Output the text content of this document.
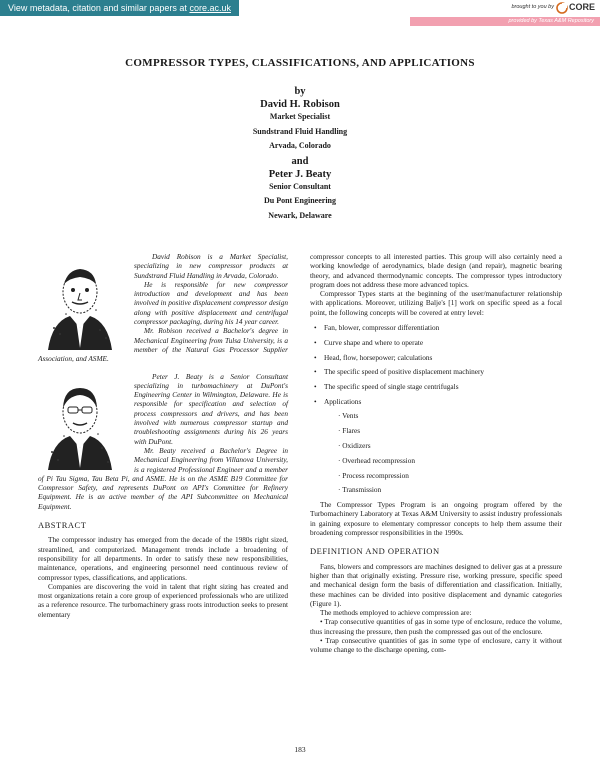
View metadata, citation and similar papers at core.ac.uk	brought to you by CORE
provided by Texas A&M Repository
COMPRESSOR TYPES, CLASSIFICATIONS, AND APPLICATIONS
by
David H. Robison
Market Specialist
Sundstrand Fluid Handling
Arvada, Colorado
and
Peter J. Beaty
Senior Consultant
Du Pont Engineering
Newark, Delaware

David Robison is a Market Specialist, specializing in new compressor products at Sundstrand Fluid Handling in Arvada, Colorado.

He is responsible for new compressor introduction and development and has been involved in positive displacement compressor design along with positive displacement and centrifugal compressor packaging, during his 14 year career.

Mr. Robison received a Bachelor's degree in Mechanical Engineering from Tulsa University, is a member of the Natural Gas Processor Supplier Association, and ASME.

Peter J. Beaty is a Senior Consultant specializing in turbomachinery at DuPont's Engineering Center in Wilmington, Delaware. He is responsible for specification and selection of process compressors and drivers, and has been involved with numerous compressor startup and troubleshooting assignments during his 26 years with DuPont.

Mr. Beaty received a Bachelor's Degree in Mechanical Engineering from Villanova University, is a registered Professional Engineer and a member of Pi Tau Sigma, Tau Beta Pi, and ASME. He is on the ASME B19 Committee for Compressor Safety, and represents DuPont on API's Committee for Refinery Equipment. He is an active member of the API Subcommittee on Mechanical Equipment.

ABSTRACT

The compressor industry has emerged from the decade of the 1980s right sized, streamlined, and computerized. Management trends include a broadening of responsibility for all departments. In order to satisfy these new responsibilities, maintenance, operations, and engineering personnel need continuous review of compressor types, classifications, and applications.

Companies are discovering the void in talent that right sizing has created and most organizations retain a core group of experienced professionals who are utilized as a reference resource. The turbomachinery grass roots introduction seeks to present elementary

compressor concepts to all interested parties. This group will also certainly need a working knowledge of aerodynamics, blade design (and repair), magnetic bearing theory, and advanced thermodynamic concepts. The compressor types introductory program does not address these more advanced topics.

Compressor Types starts at the beginning of the user/manufacturer relationship with applications. Moreover, utilizing Balje's [1] work on specific speed as a focal point, the following concepts will be covered at entry level:

• Fan, blower, compressor differentiation
• Curve shape and where to operate
• Head, flow, horsepower; calculations
• The specific speed of positive displacement machinery
• The specific speed of single stage centrifugals
• Applications
· Vents
· Flares
· Oxidizers
· Overhead recompression
· Process recompression
· Transmission

The Compressor Types Program is an ongoing program offered by the Turbomachinery Laboratory at Texas A&M University to assist industry professionals in gaining exposure to elementary compressor concepts to help them assume their broadening compressor responsibilities in the 1990s.

DEFINITION AND OPERATION

Fans, blowers and compressors are machines designed to deliver gas at a pressure higher than that originally existing. Pressure rise, working pressure, specific speed and mechanical design form the basis of differentiation and classification. Initially, these machines can be divided into positive displacement and dynamic categories (Figure 1).

The methods employed to achieve compression are:

• Trap consecutive quantities of gas in some type of enclosure, reduce the volume, thus increasing the pressure, then push the compressed gas out of the enclosure.

• Trap consecutive quantities of gas in some type of enclosure, carry it without volume change to the discharge opening, com-

183
